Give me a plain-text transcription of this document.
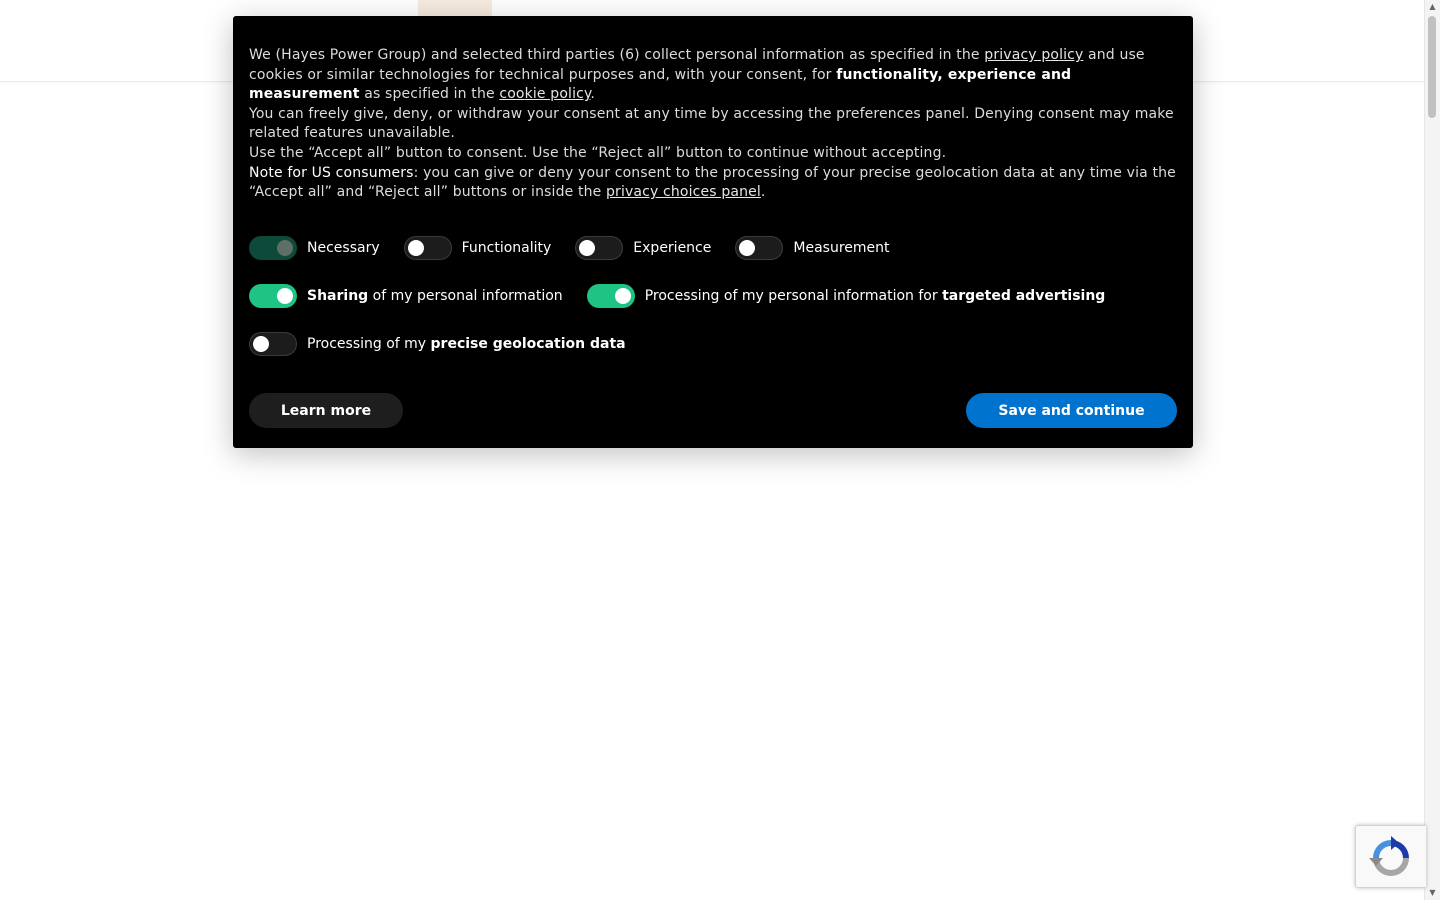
▲
▼

We (Hayes Power Group) and selected third parties (6) collect personal information as specified in the privacy policy and use cookies or similar technologies for technical purposes and, with your consent, for functionality, experience and measurement as specified in the cookie policy.

You can freely give, deny, or withdraw your consent at any time by accessing the preferences panel. Denying consent may make related features unavailable.

Use the “Accept all” button to consent. Use the “Reject all” button to continue without accepting.

Note for US consumers: you can give or deny your consent to the processing of your precise geolocation data at any time via the “Accept all” and “Reject all” buttons or inside the privacy choices panel.

Necessary	Functionality	Experience	Measurement
Sharing of my personal information	Processing of my personal information for targeted advertising
Processing of my precise geolocation data
Learn more	Save and continue
